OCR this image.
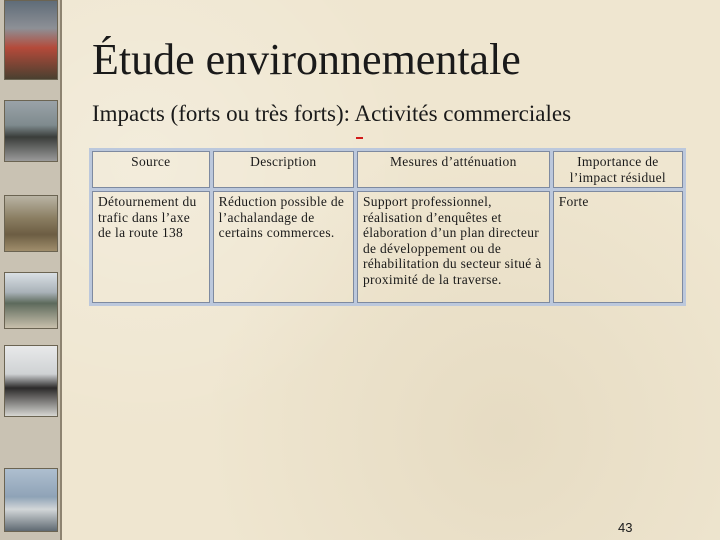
Étude environnementale
Impacts (forts ou très forts): Activités commerciales
Source	Description	Mesures d’atténuation	Importance de l’impact résiduel
Détournement du trafic dans l’axe de la route 138	Réduction possible de l’achalandage de certains commerces.	Support professionnel, réalisation d’enquêtes et élaboration d’un plan directeur de développement ou de réhabilitation du secteur situé à proximité de la traverse.	Forte
43
